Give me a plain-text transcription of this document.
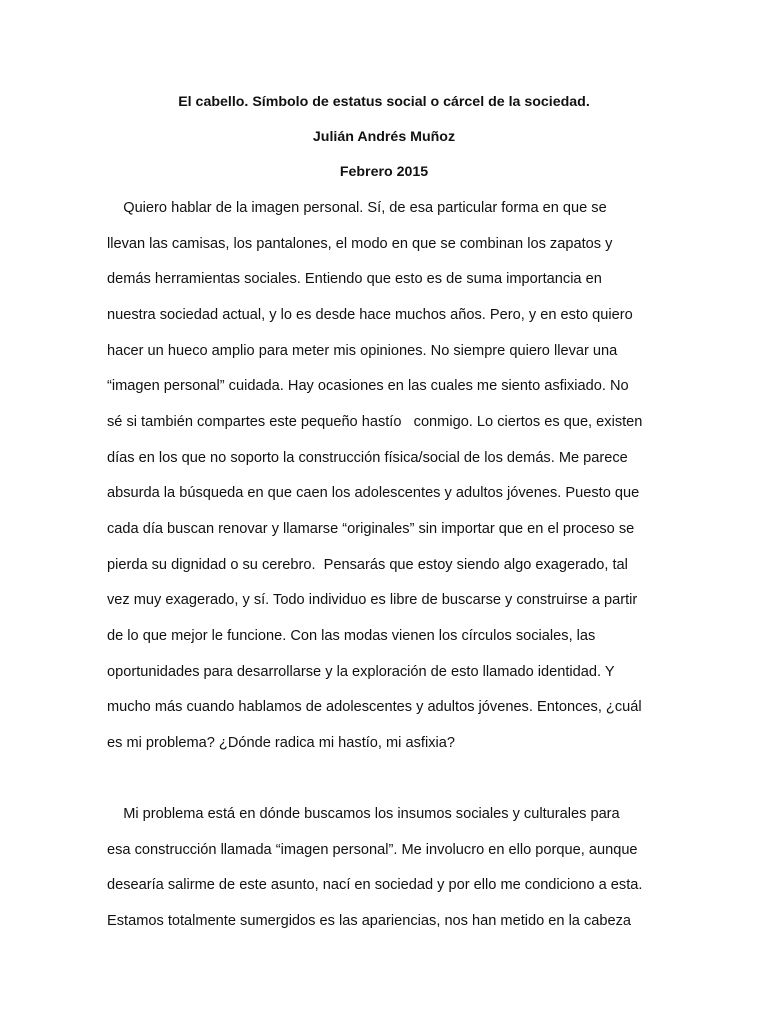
El cabello. Símbolo de estatus social o cárcel de la sociedad.
Julián Andrés Muñoz
Febrero 2015
Quiero hablar de la imagen personal. Sí, de esa particular forma en que se
llevan las camisas, los pantalones, el modo en que se combinan los zapatos y
demás herramientas sociales. Entiendo que esto es de suma importancia en
nuestra sociedad actual, y lo es desde hace muchos años. Pero, y en esto quiero
hacer un hueco amplio para meter mis opiniones. No siempre quiero llevar una
“imagen personal” cuidada. Hay ocasiones en las cuales me siento asfixiado. No
sé si también compartes este pequeño hastío   conmigo. Lo ciertos es que, existen
días en los que no soporto la construcción física/social de los demás. Me parece
absurda la búsqueda en que caen los adolescentes y adultos jóvenes. Puesto que
cada día buscan renovar y llamarse “originales” sin importar que en el proceso se
pierda su dignidad o su cerebro.  Pensarás que estoy siendo algo exagerado, tal
vez muy exagerado, y sí. Todo individuo es libre de buscarse y construirse a partir
de lo que mejor le funcione. Con las modas vienen los círculos sociales, las
oportunidades para desarrollarse y la exploración de esto llamado identidad. Y
mucho más cuando hablamos de adolescentes y adultos jóvenes. Entonces, ¿cuál
es mi problema? ¿Dónde radica mi hastío, mi asfixia?
Mi problema está en dónde buscamos los insumos sociales y culturales para
esa construcción llamada “imagen personal”. Me involucro en ello porque, aunque
desearía salirme de este asunto, nací en sociedad y por ello me condiciono a esta.
Estamos totalmente sumergidos es las apariencias, nos han metido en la cabeza
